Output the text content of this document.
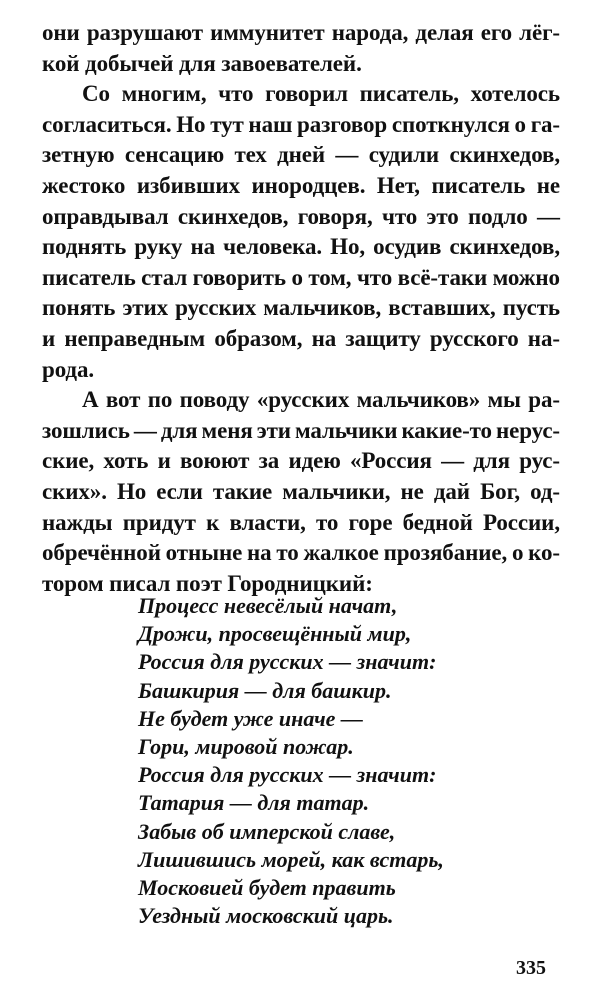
они разрушают иммунитет народа, делая его лёг-
кой добычей для завоевателей.
Со многим, что говорил писатель, хотелось
согласиться. Но тут наш разговор споткнулся о га-
зетную сенсацию тех дней — судили скинхедов,
жестоко избивших инородцев. Нет, писатель не
оправдывал скинхедов, говоря, что это подло —
поднять руку на человека. Но, осудив скинхедов,
писатель стал говорить о том, что всё-таки можно
понять этих русских мальчиков, вставших, пусть
и неправедным образом, на защиту русского на-
рода.
А вот по поводу «русских мальчиков» мы ра-
зошлись — для меня эти мальчики какие-то нерус-
ские, хоть и воюют за идею «Россия — для рус-
ских». Но если такие мальчики, не дай Бог, од-
нажды придут к власти, то горе бедной России,
обречённой отныне на то жалкое прозябание, о ко-
тором писал поэт Городницкий:
Процесс невесёлый начат,
Дрожи, просвещённый мир,
Россия для русских — значит:
Башкирия — для башкир.
Не будет уже иначе —
Гори, мировой пожар.
Россия для русских — значит:
Татария — для татар.
Забыв об имперской славе,
Лишившись морей, как встарь,
Московией будет править
Уездный московский царь.
335
